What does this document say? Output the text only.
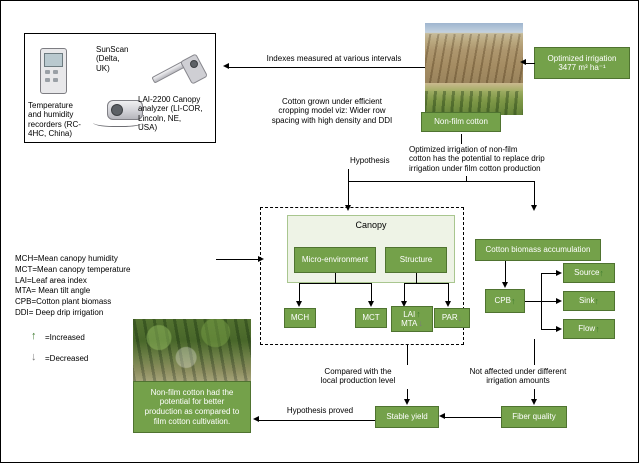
Temperature
and humidity
recorders (RC-
4HC, China)
SunScan
(Delta,
UK)
LAI-2200 Canopy
analyzer (LI-COR,
Lincoln, NE,
USA)
Optimized irrigation
3477 m³ ha⁻¹
Non-film cotton
Indexes measured at various intervals
Cotton grown under efficient
cropping model viz: Wider row
spacing with high density and DDI
Optimized irrigation of non-film
cotton has the potential to replace drip
irrigation under film cotton production
Hypothesis
Canopy
Micro-environment	Structure
MCH	MCT	LAI ↑
MTA ↓
PAR ↓
Cotton biomass accumulation
CPB ↑
Source ↑
Sink ↑
Flow ↑
Compared with the
local production level
Not affected under different
irrigation amounts
Stable yield	Fiber quality
Hypothesis proved
Non-film cotton had the
potential for better
production as compared to
film cotton cultivation.
MCH=Mean canopy humidity
MCT=Mean canopy temperature
LAI=Leaf area index
MTA= Mean tilt angle
CPB=Cotton plant biomass
DDI= Deep drip irrigation
↑ =Increased
↓ =Decreased
